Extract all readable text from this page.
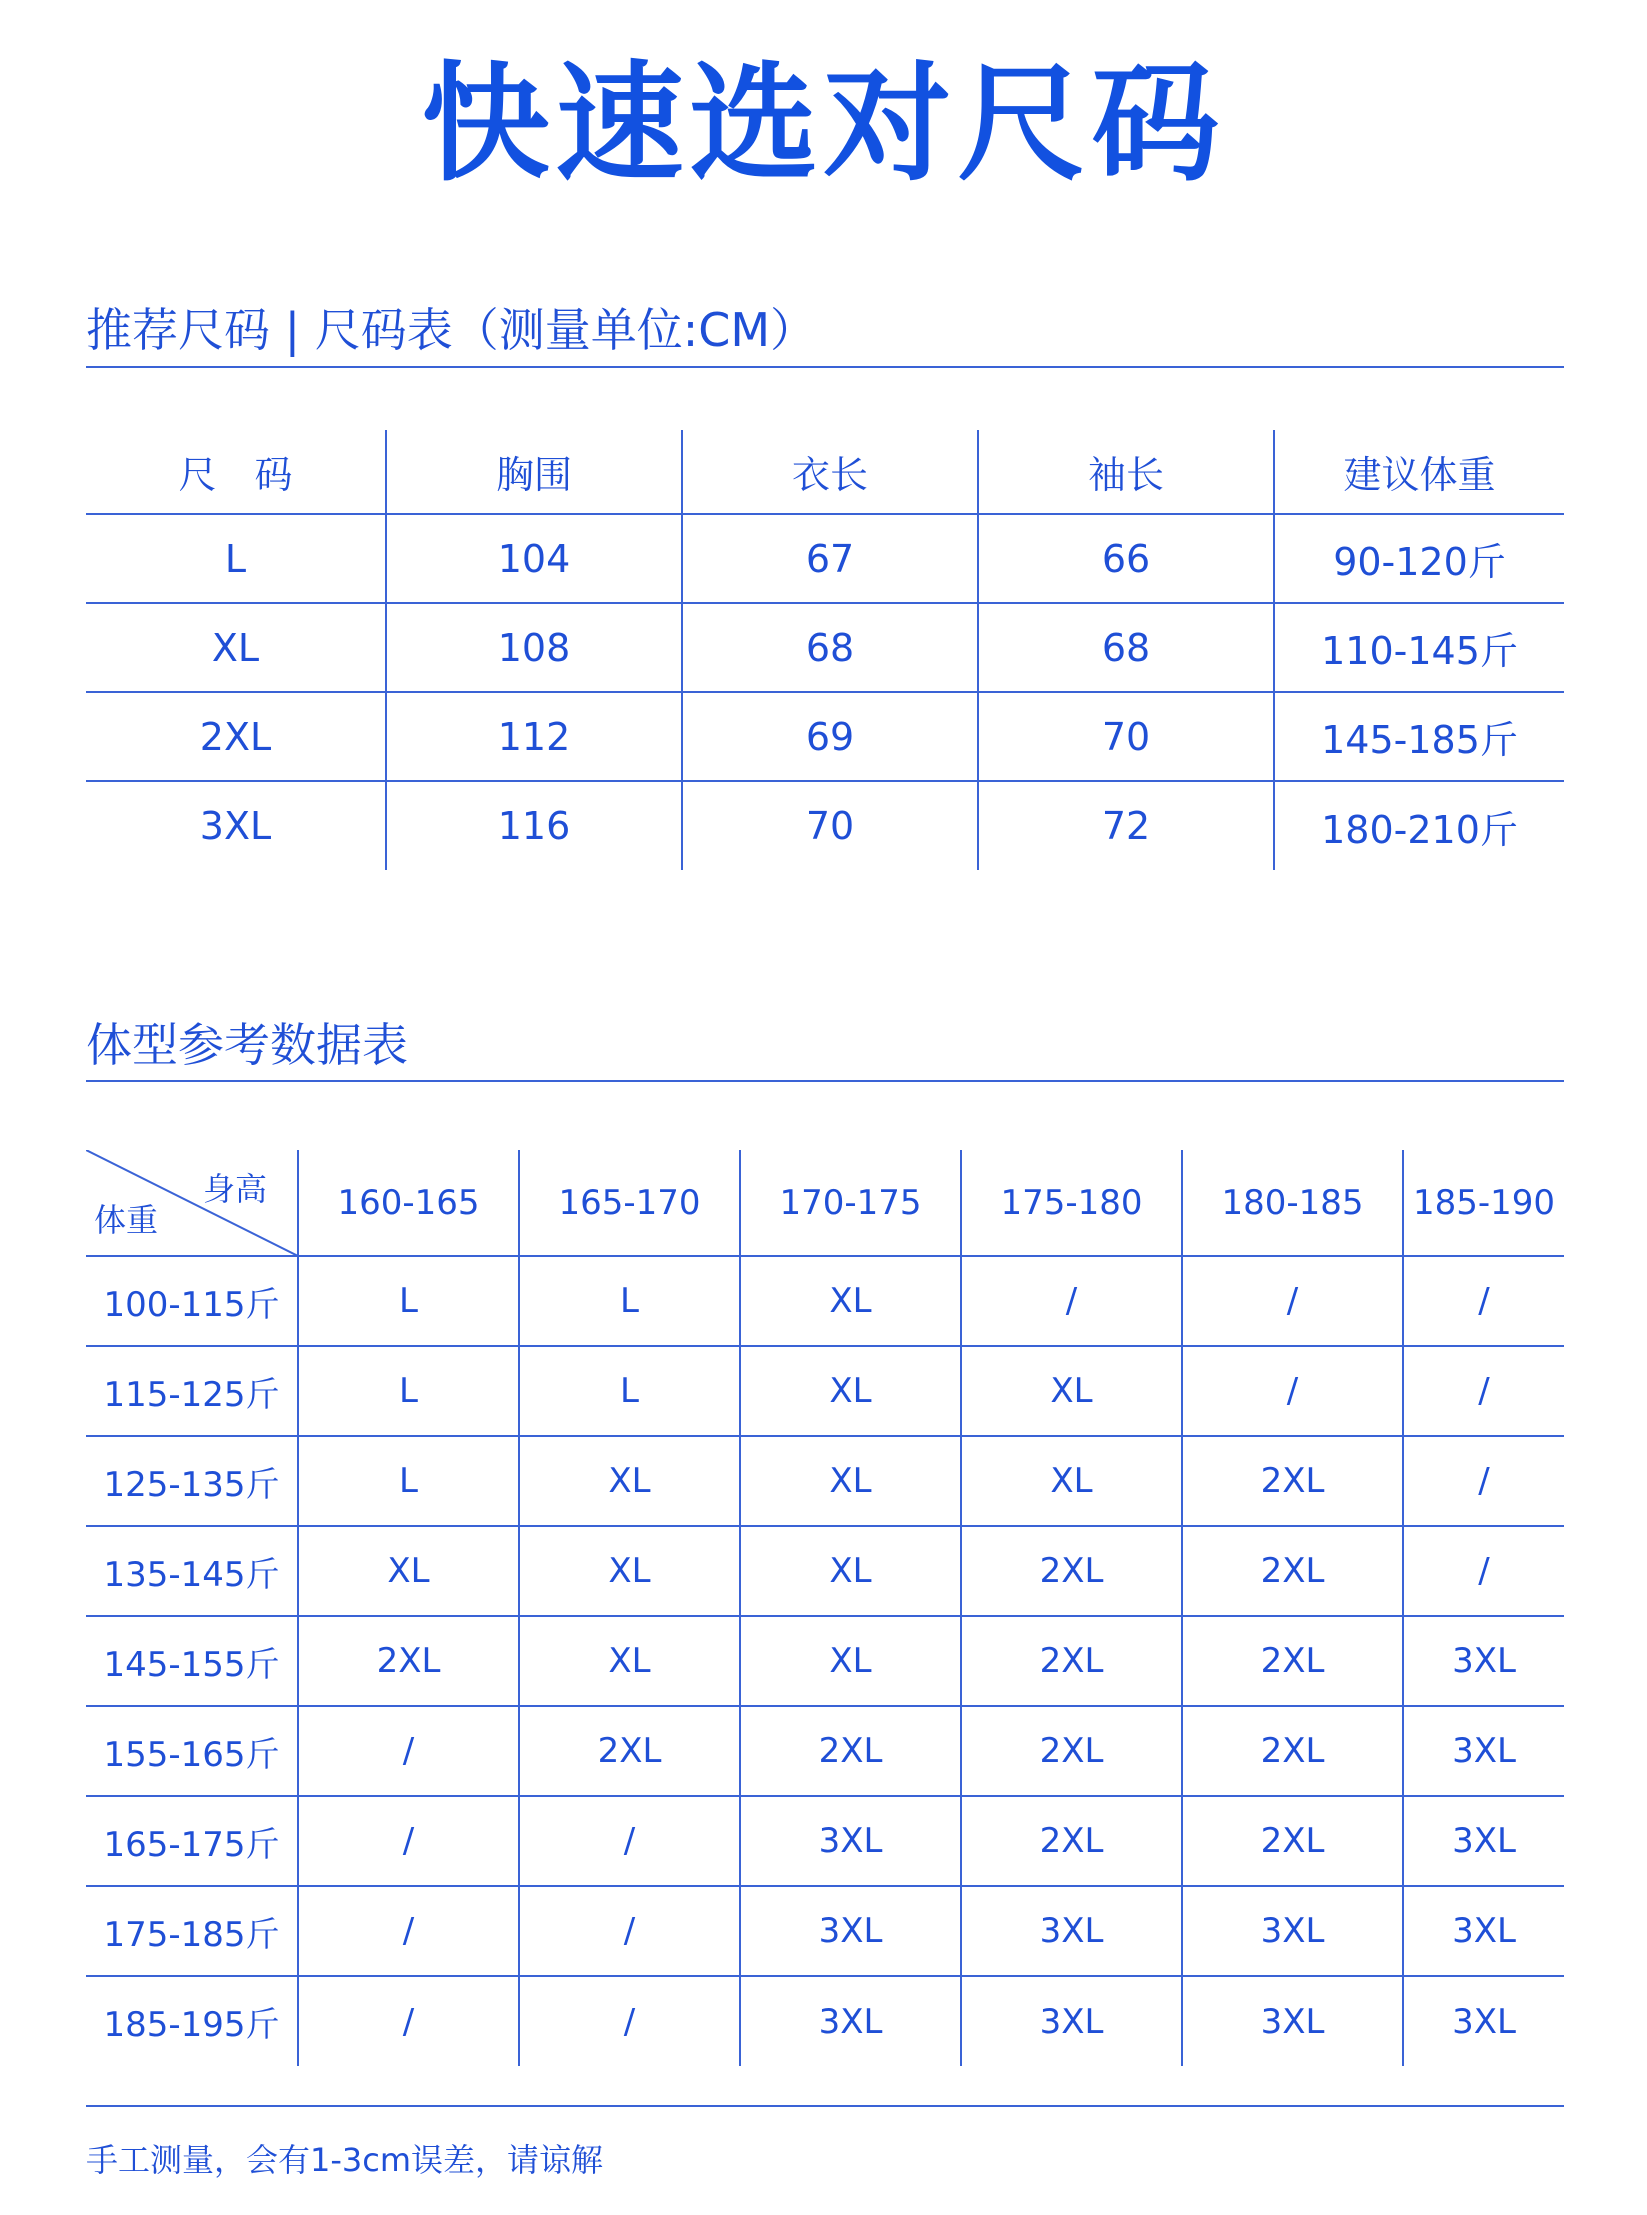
快速选对尺码
推荐尺码 | 尺码表（测量单位:CM）
尺　码	胸围	衣长	袖长	建议体重
L	104	67	66	90-120斤
XL	108	68	68	110-145斤
2XL	112	69	70	145-185斤
3XL	116	70	72	180-210斤
体型参考数据表
身高
体重	160-165	165-170	170-175	175-180	180-185	185-190
100-115斤	L	L	XL	/	/	/
115-125斤	L	L	XL	XL	/	/
125-135斤	L	XL	XL	XL	2XL	/
135-145斤	XL	XL	XL	2XL	2XL	/
145-155斤	2XL	XL	XL	2XL	2XL	3XL
155-165斤	/	2XL	2XL	2XL	2XL	3XL
165-175斤	/	/	3XL	2XL	2XL	3XL
175-185斤	/	/	3XL	3XL	3XL	3XL
185-195斤	/	/	3XL	3XL	3XL	3XL
手工测量，会有1-3cm误差，请谅解
